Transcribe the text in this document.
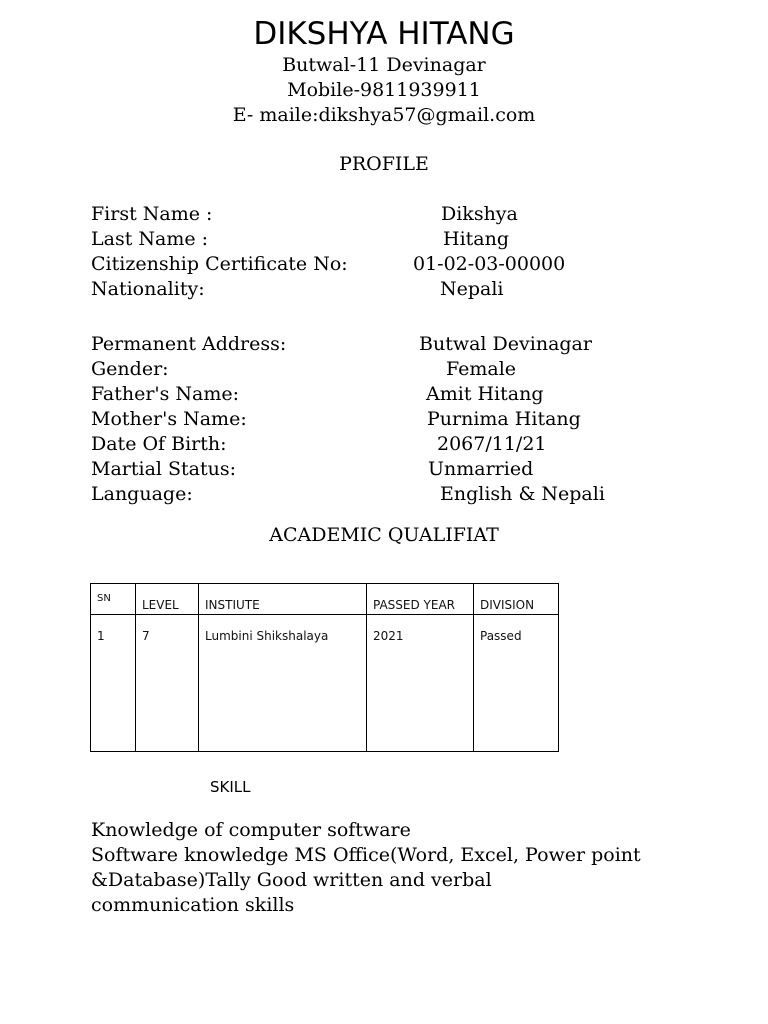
DIKSHYA HITANG
Butwal-11 Devinagar
Mobile-9811939911
E- maile:dikshya57@gmail.com
PROFILE
First Name :	Dikshya
Last Name :	Hitang
Citizenship Certificate No:	01-02-03-00000
Nationality:	Nepali
Permanent Address:	Butwal Devinagar
Gender:	Female
Father's Name:	Amit Hitang
Mother's Name:	Purnima Hitang
Date Of Birth:	2067/11/21
Martial Status:	Unmarried
Language:	English & Nepali
ACADEMIC QUALIFIAT
SN	LEVEL	INSTIUTE	PASSED YEAR	DIVISION

1	7	Lumbini Shikshalaya	2021	Passed
SKILL
Knowledge of computer software
Software knowledge MS Office(Word, Excel, Power point
&Database)Tally Good written and verbal
communication skills
